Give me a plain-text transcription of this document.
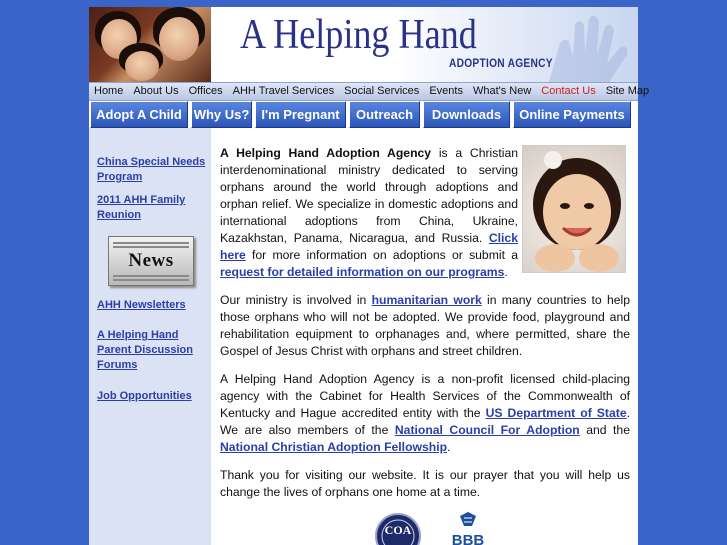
A Helping Hand
ADOPTION AGENCY
Home About Us Offices AHH Travel Services Social Services Events What's New Contact Us Site Map
Adopt A Child Why Us? I'm Pregnant	Outreach	Downloads	Online Payments
China Special Needs Program
2011 AHH Family Reunion
News
AHH Newsletters
A Helping Hand Parent Discussion Forums
Job Opportunities
A Helping Hand Adoption Agency is a Christian interdenominational ministry dedicated to serving orphans around the world through adoptions and orphan relief. We specialize in domestic adoptions and international adoptions from China, Ukraine, Kazakhstan, Panama, Nicaragua, and Russia. Click here for more information on adoptions or submit a request for detailed information on our programs.
Our ministry is involved in humanitarian work in many countries to help those orphans who will not be adopted. We provide food, playground and rehabilitation equipment to orphanages and, where permitted, share the Gospel of Jesus Christ with orphans and street children.
A Helping Hand Adoption Agency is a non-profit licensed child-placing agency with the Cabinet for Health Services of the Commonwealth of Kentucky and Hague accredited entity with the US Department of State. We are also members of the National Council For Adoption and the National Christian Adoption Fellowship.
Thank you for visiting our website. It is our prayer that you will help us change the lives of orphans one home at a time.
COA
BBB
